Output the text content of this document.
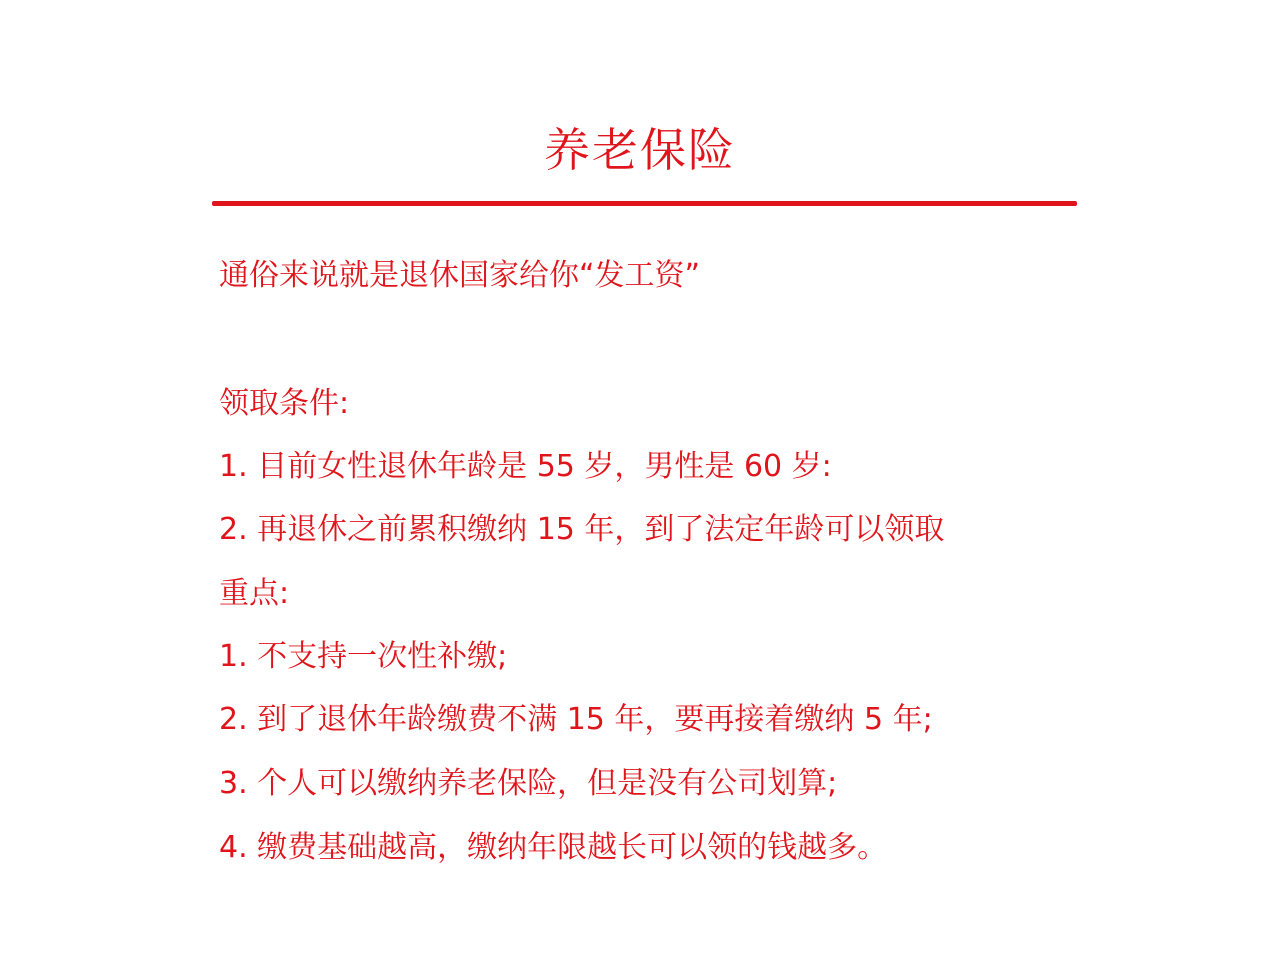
养老保险
通俗来说就是退休国家给你“发工资”
领取条件:
1. 目前女性退休年龄是 55 岁，男性是 60 岁:
2. 再退休之前累积缴纳 15 年，到了法定年龄可以领取
重点:
1. 不支持一次性补缴;
2. 到了退休年龄缴费不满 15 年，要再接着缴纳 5 年;
3. 个人可以缴纳养老保险，但是没有公司划算;
4. 缴费基础越高，缴纳年限越长可以领的钱越多。
